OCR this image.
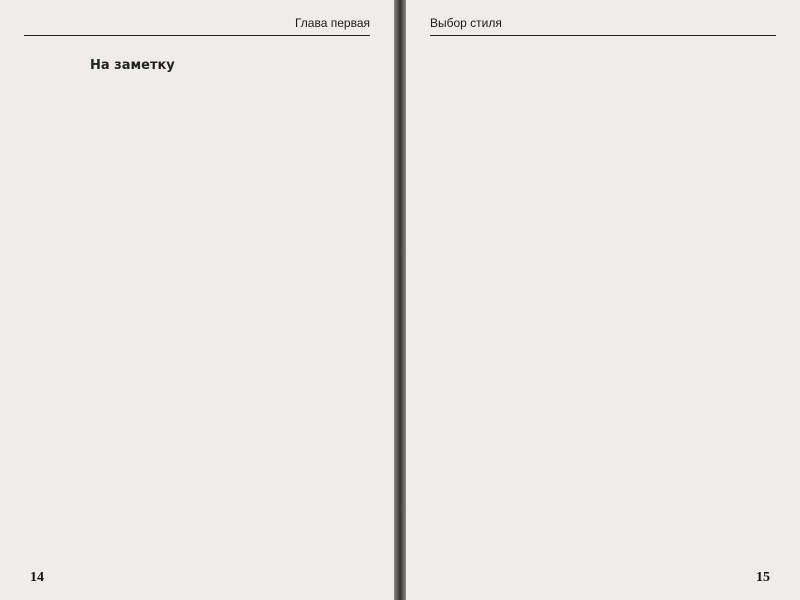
Глава первая

На заметку

14
Выбор стиля

15
